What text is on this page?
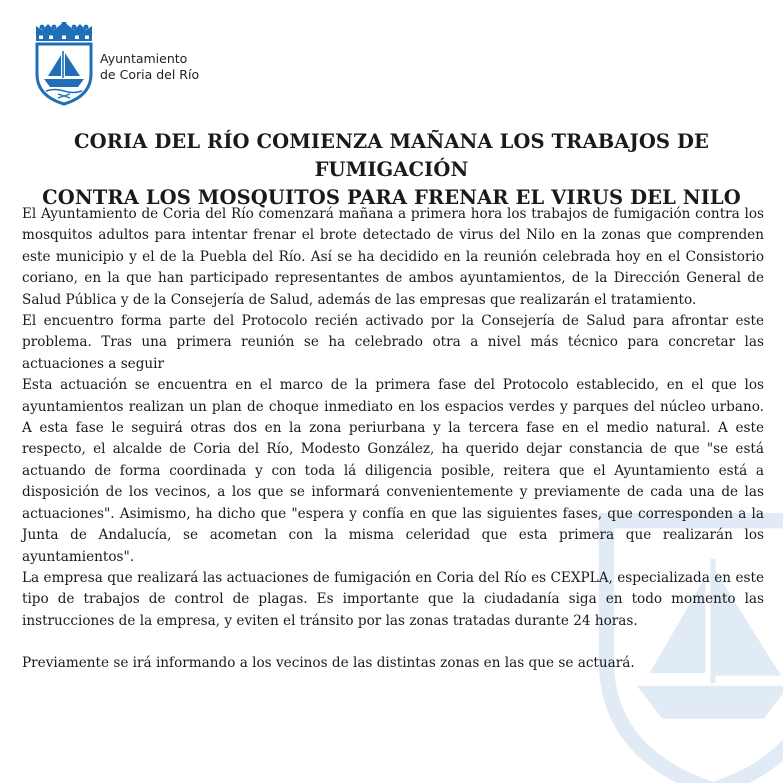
Ayuntamiento
de Coria del Río
CORIA DEL RÍO COMIENZA MAÑANA LOS TRABAJOS DE FUMIGACIÓN
CONTRA LOS MOSQUITOS PARA FRENAR EL VIRUS DEL NILO

El Ayuntamiento de Coria del Río comenzará mañana a primera hora los trabajos de fumigación contra los mosquitos adultos para intentar frenar el brote detectado de virus del Nilo en la zonas que comprenden este municipio y el de la Puebla del Río. Así se ha decidido en la reunión celebrada hoy en el Consistorio coriano, en la que han participado representantes de ambos ayuntamientos, de la Dirección General de Salud Pública y de la Consejería de Salud, además de las empresas que realizarán el tratamiento.

El encuentro forma parte del Protocolo recién activado por la Consejería de Salud para afrontar este problema. Tras una primera reunión se ha celebrado otra a nivel más técnico para concretar las actuaciones a seguir

Esta actuación se encuentra en el marco de la primera fase del Protocolo establecido, en el que los ayuntamientos realizan un plan de choque inmediato en los espacios verdes y parques del núcleo urbano. A esta fase le seguirá otras dos en la zona periurbana y la tercera fase en el medio natural. A este respecto, el alcalde de Coria del Río, Modesto González, ha querido dejar constancia de que "se está actuando de forma coordinada y con toda lá diligencia posible, reitera que el Ayuntamiento está a disposición de los vecinos, a los que se informará convenientemente y previamente de cada una de las actuaciones". Asimismo, ha dicho que "espera y confía en que las siguientes fases, que corresponden a la Junta de Andalucía, se acometan con la misma celeridad que esta primera que realizarán los ayuntamientos".

La empresa que realizará las actuaciones de fumigación en Coria del Río es CEXPLA, especializada en este tipo de trabajos de control de plagas. Es importante que la ciudadanía siga en todo momento las instrucciones de la empresa, y eviten el tránsito por las zonas tratadas durante 24 horas.

Previamente se irá informando a los vecinos de las distintas zonas en las que se actuará.
